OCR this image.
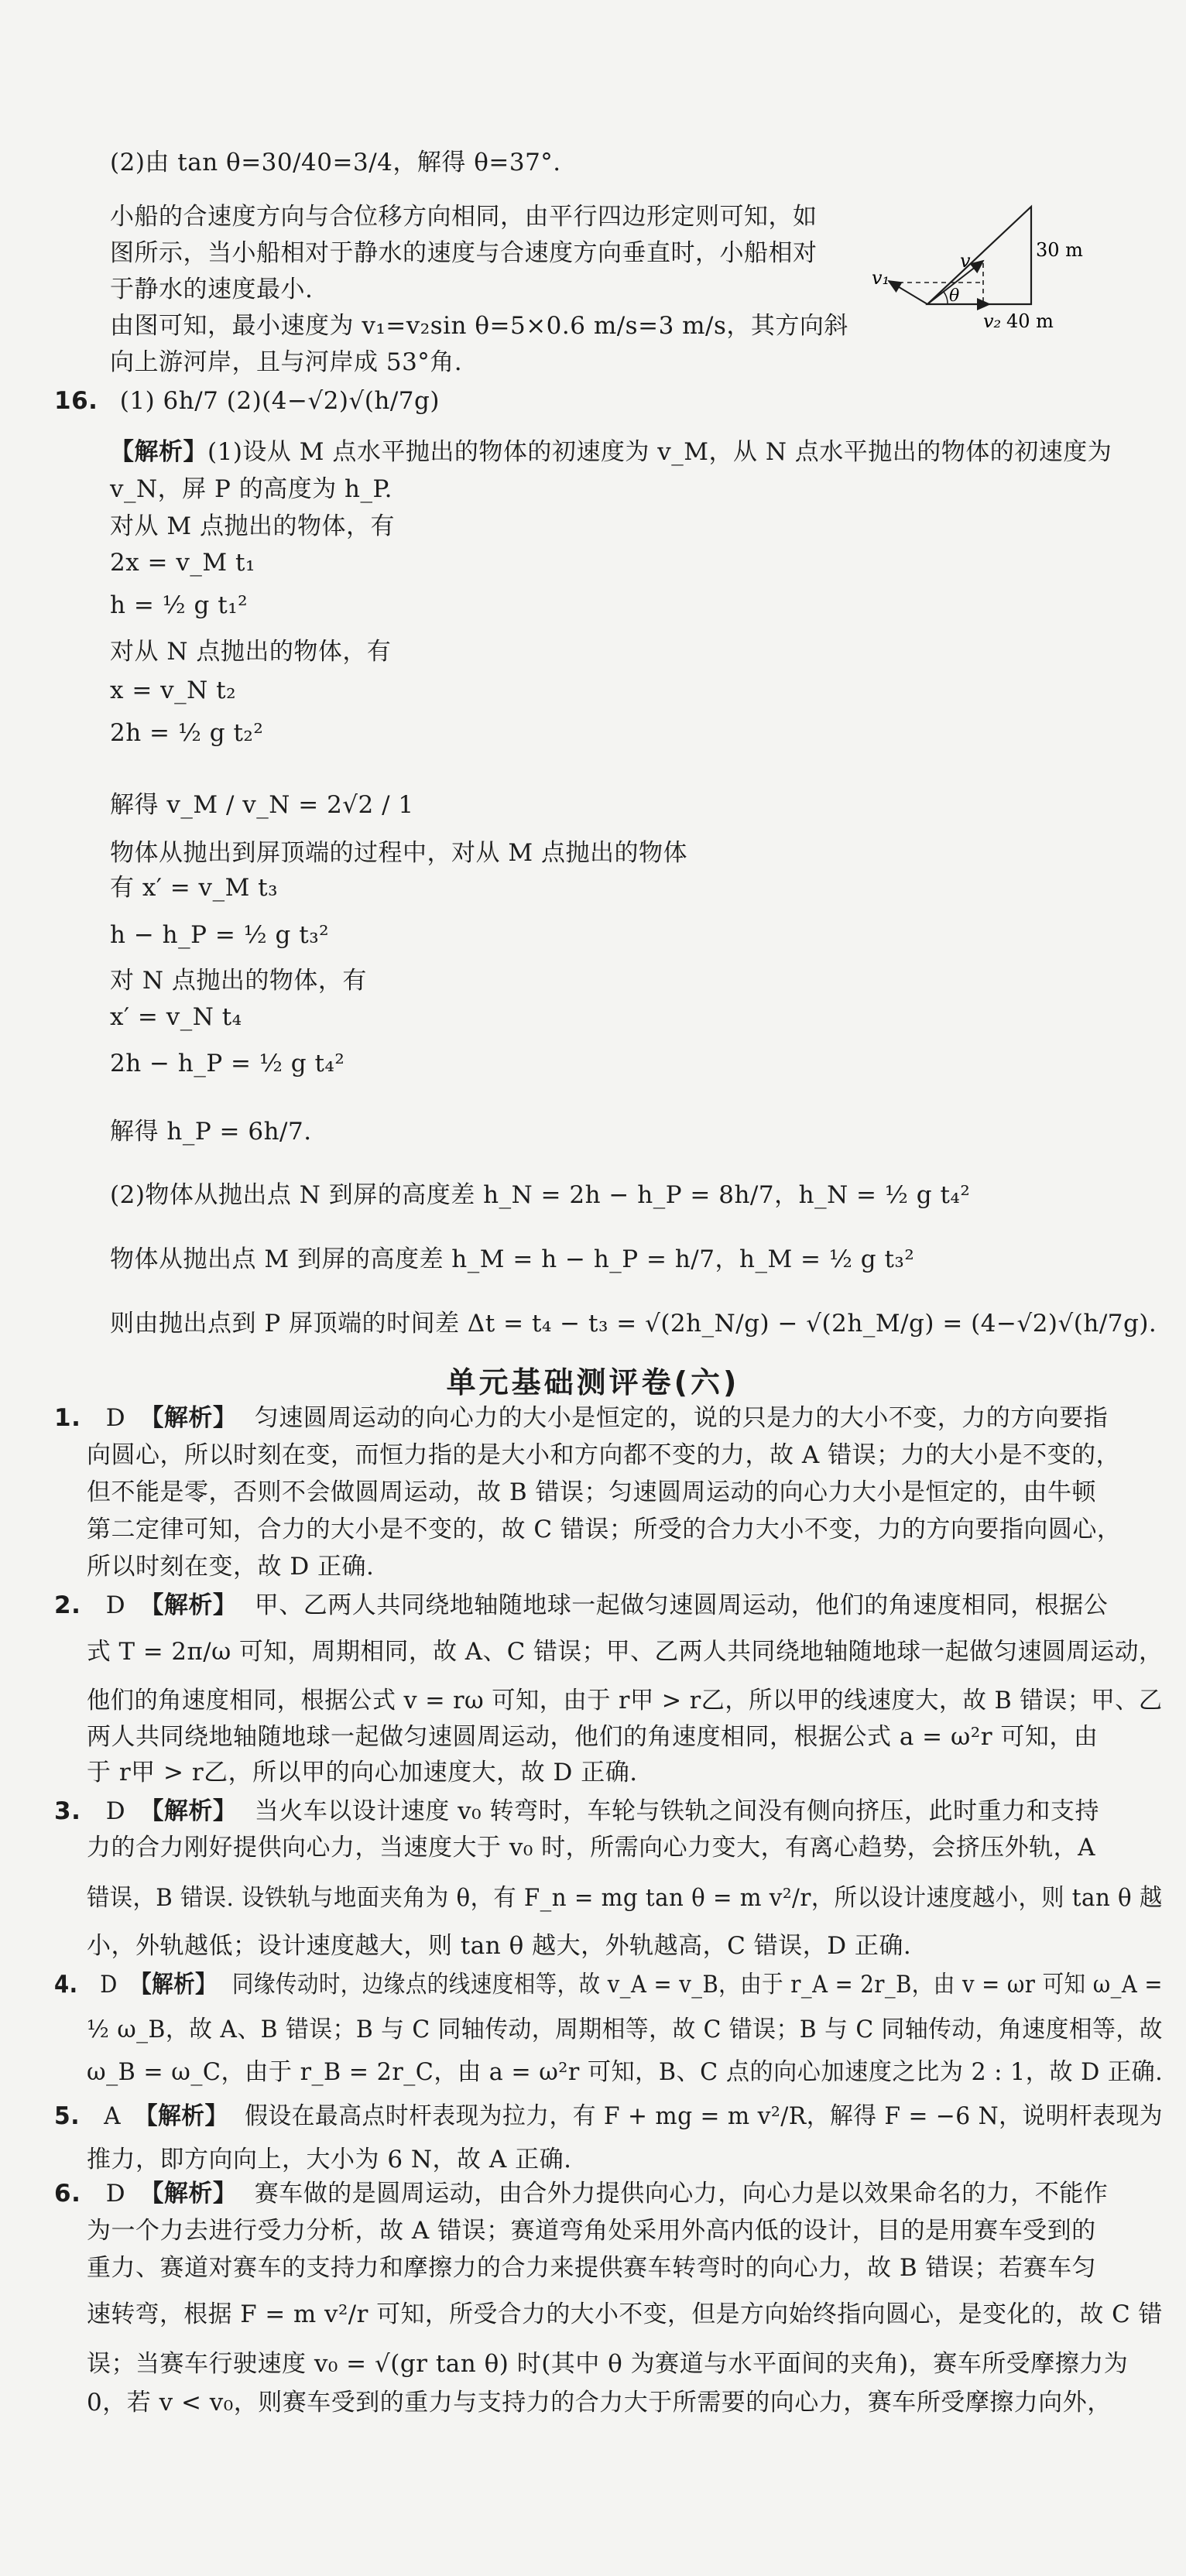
(2)由 tan θ=30/40=3/4，解得 θ=37°.
小船的合速度方向与合位移方向相同，由平行四边形定则可知，如
图所示，当小船相对于静水的速度与合速度方向垂直时，小船相对
于静水的速度最小.
由图可知，最小速度为 v₁=v₂sin θ=5×0.6 m/s=3 m/s，其方向斜
向上游河岸，且与河岸成 53°角.
v₁
v
θ
v₂
30 m
40 m
16. (1) 6h/7 (2)(4−√2)√(h/7g)
【解析】(1)设从 M 点水平抛出的物体的初速度为 v_M，从 N 点水平抛出的物体的初速度为
v_N，屏 P 的高度为 h_P.
对从 M 点抛出的物体，有
2x = v_M t₁
h = ½ g t₁²
对从 N 点抛出的物体，有
x = v_N t₂
2h = ½ g t₂²
解得 v_M / v_N = 2√2 / 1
物体从抛出到屏顶端的过程中，对从 M 点抛出的物体
有 x′ = v_M t₃
h − h_P = ½ g t₃²
对 N 点抛出的物体，有
x′ = v_N t₄
2h − h_P = ½ g t₄²
解得 h_P = 6h/7.
(2)物体从抛出点 N 到屏的高度差 h_N = 2h − h_P = 8h/7，h_N = ½ g t₄²
物体从抛出点 M 到屏的高度差 h_M = h − h_P = h/7，h_M = ½ g t₃²
则由抛出点到 P 屏顶端的时间差 Δt = t₄ − t₃ = √(2h_N/g) − √(2h_M/g) = (4−√2)√(h/7g).
单元基础测评卷(六)
1. D 【解析】 匀速圆周运动的向心力的大小是恒定的，说的只是力的大小不变，力的方向要指
向圆心，所以时刻在变，而恒力指的是大小和方向都不变的力，故 A 错误；力的大小是不变的，
但不能是零，否则不会做圆周运动，故 B 错误；匀速圆周运动的向心力大小是恒定的，由牛顿
第二定律可知，合力的大小是不变的，故 C 错误；所受的合力大小不变，力的方向要指向圆心，
所以时刻在变，故 D 正确.
2. D 【解析】 甲、乙两人共同绕地轴随地球一起做匀速圆周运动，他们的角速度相同，根据公
式 T = 2π/ω 可知，周期相同，故 A、C 错误；甲、乙两人共同绕地轴随地球一起做匀速圆周运动，
他们的角速度相同，根据公式 v = rω 可知，由于 r甲 > r乙，所以甲的线速度大，故 B 错误；甲、乙
两人共同绕地轴随地球一起做匀速圆周运动，他们的角速度相同，根据公式 a = ω²r 可知，由
于 r甲 > r乙，所以甲的向心加速度大，故 D 正确.
3. D 【解析】 当火车以设计速度 v₀ 转弯时，车轮与铁轨之间没有侧向挤压，此时重力和支持
力的合力刚好提供向心力，当速度大于 v₀ 时，所需向心力变大，有离心趋势，会挤压外轨，A
错误，B 错误. 设铁轨与地面夹角为 θ，有 F_n = mg tan θ = m v²/r，所以设计速度越小，则 tan θ 越
小，外轨越低；设计速度越大，则 tan θ 越大，外轨越高，C 错误，D 正确.
4. D 【解析】 同缘传动时，边缘点的线速度相等，故 v_A = v_B，由于 r_A = 2r_B，由 v = ωr 可知 ω_A =
½ ω_B，故 A、B 错误；B 与 C 同轴传动，周期相等，故 C 错误；B 与 C 同轴传动，角速度相等，故
ω_B = ω_C，由于 r_B = 2r_C，由 a = ω²r 可知，B、C 点的向心加速度之比为 2 : 1，故 D 正确.
5. A 【解析】 假设在最高点时杆表现为拉力，有 F + mg = m v²/R，解得 F = −6 N，说明杆表现为
推力，即方向向上，大小为 6 N，故 A 正确.
6. D 【解析】 赛车做的是圆周运动，由合外力提供向心力，向心力是以效果命名的力，不能作
为一个力去进行受力分析，故 A 错误；赛道弯角处采用外高内低的设计，目的是用赛车受到的
重力、赛道对赛车的支持力和摩擦力的合力来提供赛车转弯时的向心力，故 B 错误；若赛车匀
速转弯，根据 F = m v²/r 可知，所受合力的大小不变，但是方向始终指向圆心，是变化的，故 C 错
误；当赛车行驶速度 v₀ = √(gr tan θ) 时(其中 θ 为赛道与水平面间的夹角)，赛车所受摩擦力为
0，若 v < v₀，则赛车受到的重力与支持力的合力大于所需要的向心力，赛车所受摩擦力向外，
